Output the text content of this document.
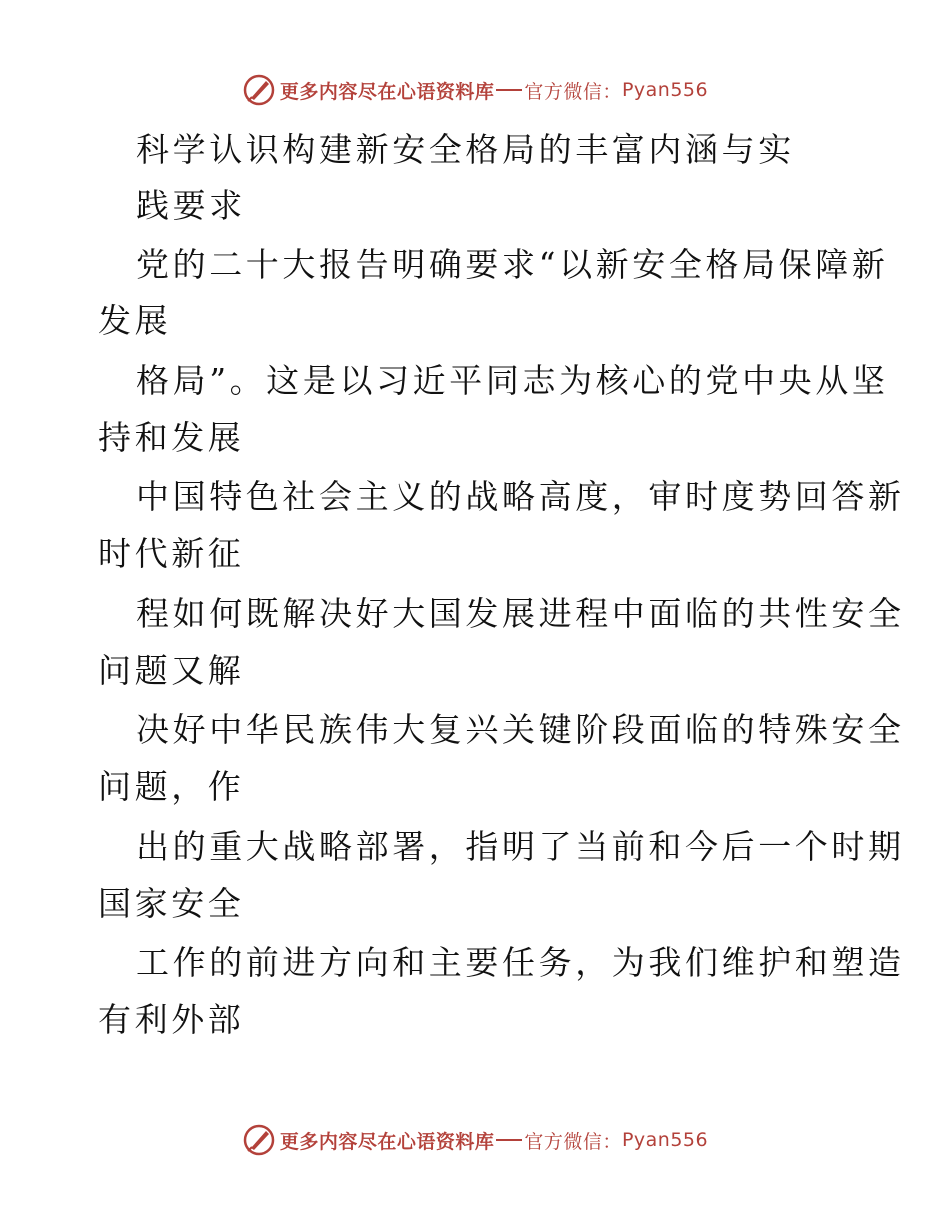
更多内容尽在心语资料库 官方微信： Pyan556
科学认识构建新安全格局的丰富内涵与实
践要求
党的二十大报告明确要求“以新安全格局保障新
发展
格局”。这是以习近平同志为核心的党中央从坚
持和发展
中国特色社会主义的战略高度，审时度势回答新
时代新征
程如何既解决好大国发展进程中面临的共性安全
问题又解
决好中华民族伟大复兴关键阶段面临的特殊安全
问题，作
出的重大战略部署，指明了当前和今后一个时期
国家安全
工作的前进方向和主要任务，为我们维护和塑造
有利外部
更多内容尽在心语资料库 官方微信： Pyan556
